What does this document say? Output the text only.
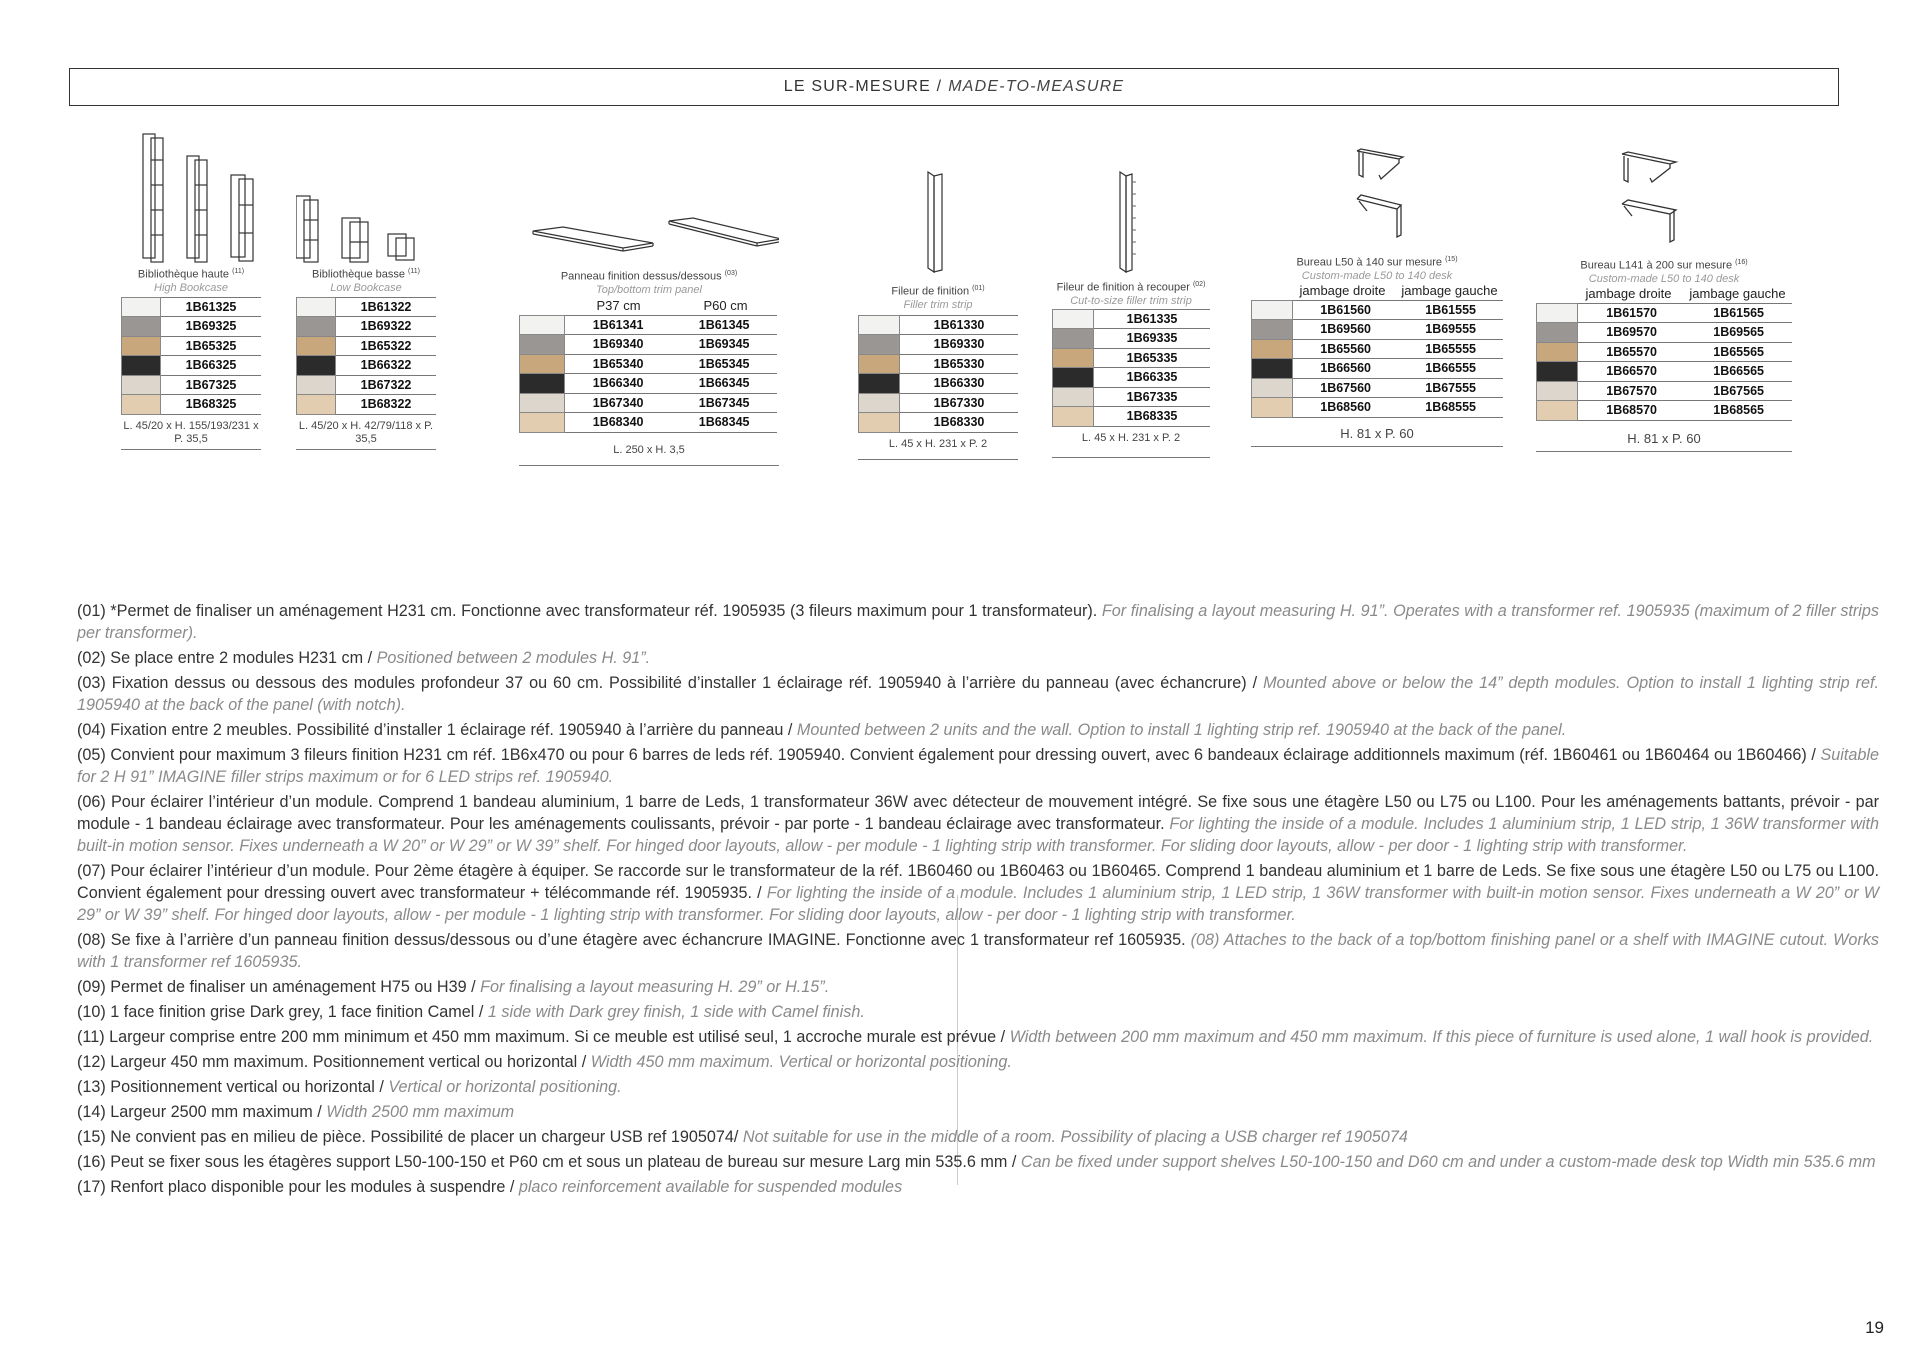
LE SUR-MESURE / MADE-TO-MEASURE
Bibliothèque haute $^{(11)}$
High Bookcase
	1B61325
	1B69325
	1B65325
	1B66325
	1B67325
	1B68325
L. 45/20 x H. 155/193/231 x P. 35,5
Bibliothèque basse $^{(11)}$
Low Bookcase
	1B61322
	1B69322
	1B65322
	1B66322
	1B67322
	1B68322
L. 45/20 x H. 42/79/118 x P. 35,5
Panneau finition dessus/dessous $^{(03)}$
Top/bottom trim panel
P37 cm	P60 cm
	1B61341	1B61345
	1B69340	1B69345
	1B65340	1B65345
	1B66340	1B66345
	1B67340	1B67345
	1B68340	1B68345
L. 250 x H. 3,5
Fileur de finition $^{(01)}$
Filler trim strip
	1B61330
	1B69330
	1B65330
	1B66330
	1B67330
	1B68330
L. 45 x H. 231 x P. 2
Fileur de finition à recouper $^{(02)}$
Cut-to-size filler trim strip
	1B61335
	1B69335
	1B65335
	1B66335
	1B67335
	1B68335
L. 45 x H. 231 x P. 2
Bureau L50 à 140 sur mesure $^{(15)}$
Custom-made L50 to 140 desk
jambage droite	jambage gauche
	1B61560	1B61555
	1B69560	1B69555
	1B65560	1B65555
	1B66560	1B66555
	1B67560	1B67555
	1B68560	1B68555
H. 81 x P. 60
Bureau L141 à 200 sur mesure $^{(16)}$
Custom-made L50 to 140 desk
jambage droite	jambage gauche
	1B61570	1B61565
	1B69570	1B69565
	1B65570	1B65565
	1B66570	1B66565
	1B67570	1B67565
	1B68570	1B68565
H. 81 x P. 60

(01) *Permet de finaliser un aménagement H231 cm. Fonctionne avec transformateur réf. 1905935 (3 fileurs maximum pour 1 transformateur). For finalising a layout measuring H. 91”. Operates with a transformer ref. 1905935 (maximum of 2 filler strips per transformer).

(02) Se place entre 2 modules H231 cm / Positioned between 2 modules H. 91”.

(03) Fixation dessus ou dessous des modules profondeur 37 ou 60 cm. Possibilité d’installer 1 éclairage réf. 1905940 à l’arrière du panneau (avec échancrure) / Mounted above or below the 14” depth modules. Option to install 1 lighting strip ref. 1905940 at the back of the panel (with notch).

(04) Fixation entre 2 meubles. Possibilité d’installer 1 éclairage réf. 1905940 à l’arrière du panneau / Mounted between 2 units and the wall. Option to install 1 lighting strip ref. 1905940 at the back of the panel.

(05) Convient pour maximum 3 fileurs finition H231 cm réf. 1B6x470 ou pour 6 barres de leds réf. 1905940. Convient également pour dressing ouvert, avec 6 bandeaux éclairage additionnels maximum (réf. 1B60461 ou 1B60464 ou 1B60466) / Suitable for 2 H 91” IMAGINE filler strips maximum or for 6 LED strips ref. 1905940.

(06) Pour éclairer l’intérieur d’un module. Comprend 1 bandeau aluminium, 1 barre de Leds, 1 transformateur 36W avec détecteur de mouvement intégré. Se fixe sous une étagère L50 ou L75 ou L100. Pour les aménagements battants, prévoir - par module - 1 bandeau éclairage avec transformateur. Pour les aménagements coulissants, prévoir - par porte - 1 bandeau éclairage avec transformateur. For lighting the inside of a module. Includes 1 aluminium strip, 1 LED strip, 1 36W transformer with built-in motion sensor. Fixes underneath a W 20” or W 29” or W 39” shelf. For hinged door layouts, allow - per module - 1 lighting strip with transformer. For sliding door layouts, allow - per door - 1 lighting strip with transformer.

(07) Pour éclairer l’intérieur d’un module. Pour 2ème étagère à équiper. Se raccorde sur le transformateur de la réf. 1B60460 ou 1B60463 ou 1B60465. Comprend 1 bandeau aluminium et 1 barre de Leds. Se fixe sous une étagère L50 ou L75 ou L100. Convient également pour dressing ouvert avec transformateur + télécommande réf. 1905935. / For lighting the inside of a module. Includes 1 aluminium strip, 1 LED strip, 1 36W transformer with built-in motion sensor. Fixes underneath a W 20” or W 29” or W 39” shelf. For hinged door layouts, allow - per module - 1 lighting strip with transformer. For sliding door layouts, allow - per door - 1 lighting strip with transformer.

(08) Se fixe à l’arrière d’un panneau finition dessus/dessous ou d’une étagère avec échancrure IMAGINE. Fonctionne avec 1 transformateur ref 1605935. (08) Attaches to the back of a top/bottom finishing panel or a shelf with IMAGINE cutout. Works with 1 transformer ref 1605935.

(09) Permet de finaliser un aménagement H75 ou H39 / For finalising a layout measuring H. 29” or H.15”.

(10) 1 face finition grise Dark grey, 1 face finition Camel / 1 side with Dark grey finish, 1 side with Camel finish.

(11) Largeur comprise entre 200 mm minimum et 450 mm maximum. Si ce meuble est utilisé seul, 1 accroche murale est prévue / Width between 200 mm maximum and 450 mm maximum. If this piece of furniture is used alone, 1 wall hook is provided.

(12) Largeur 450 mm maximum. Positionnement vertical ou horizontal / Width 450 mm maximum. Vertical or horizontal positioning.

(13) Positionnement vertical ou horizontal / Vertical or horizontal positioning.

(14) Largeur 2500 mm maximum / Width 2500 mm maximum

(15) Ne convient pas en milieu de pièce. Possibilité de placer un chargeur USB ref 1905074/ Not suitable for use in the middle of a room. Possibility of placing a USB charger ref 1905074

(16) Peut se fixer sous les étagères support L50-100-150 et P60 cm et sous un plateau de bureau sur mesure Larg min 535.6 mm / Can be fixed under support shelves L50-100-150 and D60 cm and under a custom-made desk top Width min 535.6 mm

(17) Renfort placo disponible pour les modules à suspendre / placo reinforcement available for suspended modules

19
